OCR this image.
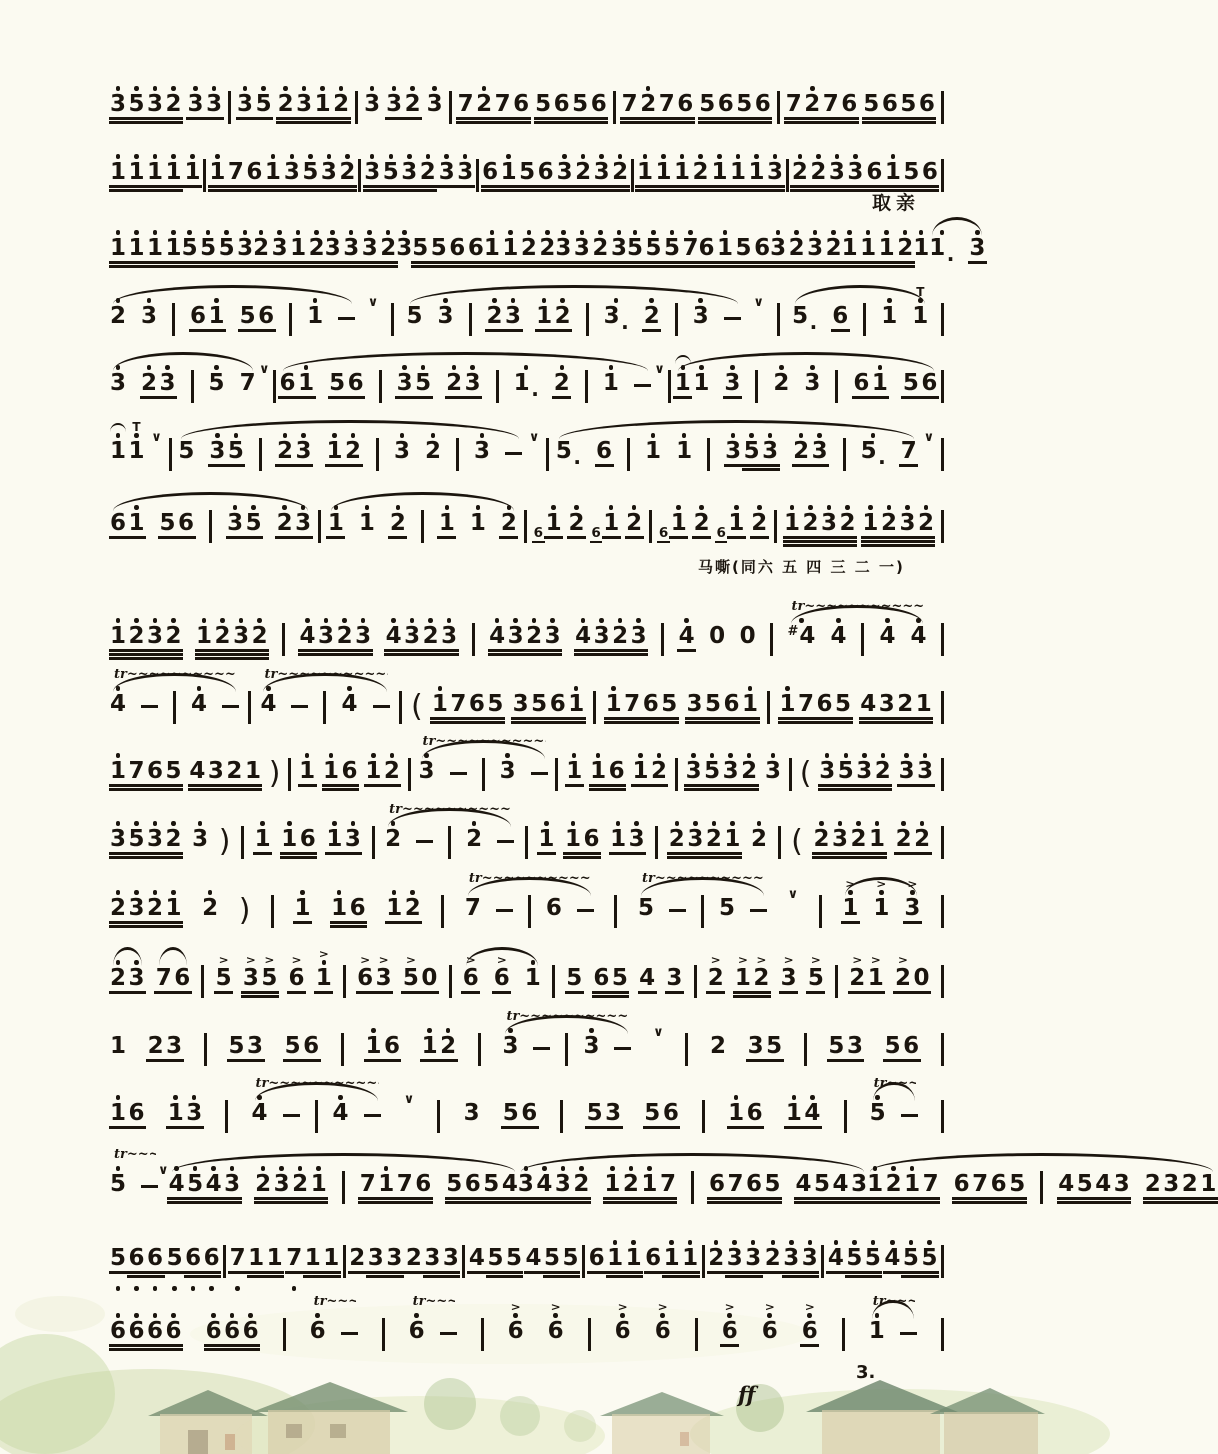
取亲
马嘶(同六 五 四 三 二 一)
3 5 3 2 3 3 3 5 2 3 1 2 3 3 2 3 7 2 7 6 5 6 5 6 7 2 7 6 5 6 5 6 7 2 7 6 5 6 5 6
1 1 1 1 1 1 7 6 1 3 5 3 2 3 5 3 2 3 3 6 1 5 6 3 2 3 2 1 1 1 2 1 1 1 3 2 2 3 3 6 1 5 6
1 1 1 1 5 5 5 3 2 3 1 2 3 3 3 2 3 5 5 6 6 1 1 2 2 3 3 2 3 5 5 5 7 6 1 5 6 3 2 3 2 1 1 1 2 1 1 . 3
2 3 6 1 5 6 1	∨ 5 3 2 3 1 2 3 . 2 3	∨ 5 . 6 1
T
1
3 2 3 5 7 ∨ 6 1 5 6 3 5 2 3 1 . 2 1	∨ 1 1 3 2 3 6 1 5 6
1
T
1 ∨ 5 3 5 2 3 1 2 3 2 3	∨ 5 . 6 1 1 3 5 3 2 3 5 . 7 ∨
6 1 5 6 3 5 2 3 1 1 2 1 1 2 6 1 2 6 1 2 6 1 2 6 1 2 1 2 3 2 1 2 3 2
1 2 3 2 1 2 3 2 4 3 2 3 4 3 2 3 4 3 2 3 4 3 2 3 4 0 0 # 4 4 4 4
tr~~~~~~~~~~~~~~~~~~~~~~~~~~~~~~~~~~
4	4
tr~~~~~~~~~~~~~~~~~~~~~~~~~~~~~~~~~~ 4	4
tr~~~~~~~~~~~~~~~~~~~~~~~~~~~~~~~~~~ ( 1 7 6 5 3 5 6 1 1 7 6 5 3 5 6 1 1 7 6 5 4 3 2 1
1 7 6 5 4 3 2 1 ) 1 1 6 1 2 3	3
tr~~~~~~~~~~~~~~~~~~~~~~~~~~~~~~~~~~ 1 1 6 1 2 3 5 3 2 3 ( 3 5 3 2 3 3
3 5 3 2 3 ) 1 1 6 1 3 2	2
tr~~~~~~~~~~~~~~~~~~~~~~~~~~~~~~~~~~ 1 1 6 1 3 2 3 2 1 2 ( 2 3 2 1 2 2
2 3 2 1 2 ) 1 1 6 1 2 7	6
tr~~~~~~~~~~~~~~~~~~~~~~~~~~~~~~~~~~	5	5
tr~~~~~~~~~~~~~~~~~~~~~~~~~~~~~~~~~~	∨
>
1
>
1
>
3
2 3 7 6
>
5
>
3
>
5
>
6
>
1
>
6
>
3
>
5 0
>
6
>
6 1 5 6 5 4 3
>
2
>
1
>
2
>
3
>
5
>
2
>
1
>
2 0
1 2 3 5 3 5 6 1 6 1 2 3	3
tr~~~~~~~~~~~~~~~~~~~~~~~~~~~~~~~~~~	∨ 2 3 5 5 3 5 6
1 6 1 3 4	4
tr~~~~~~~~~~~~~~~~~~~~~~~~~~~~~~~~~~	∨ 3 5 6 5 3 5 6 1 6 1 4 5
tr~~~~~~~~~~~~~~~~~~~~~~~~~~~~~~~~~~
5
tr~~~~~~~~~~~~~~~~~~~~~~~~~~~~~~~~~~ ∨ 4 5 4 3 2 3 2 1 7 1 7 6 5 6 5 4 3 4 3 2 1 2 1 7 6 7 6 5 4 5 4 3 1 2 1 7 6 7 6 5 4 5 4 3 2 3 2 1
5 6 6 5 6 6 7 1 1 7 1 1 2 3 3 2 3 3 4 5 5 4 5 5 6 1 1 6 1 1 2 3 3 2 3 3 4 5 5 4 5 5
6 6 6 6 6 6 6 6
tr~~~~~~~~~~~~~~~~~~~~~~~~~~~~~~~~~~	6
tr~~~~~~~~~~~~~~~~~~~~~~~~~~~~~~~~~~
>
6
>
6
>
6
>
6
>
6
>
6
>
6 1
tr~~~~~~~~~~~~~~~~~~~~~~~~~~~~~~~~~~
ff
3.
